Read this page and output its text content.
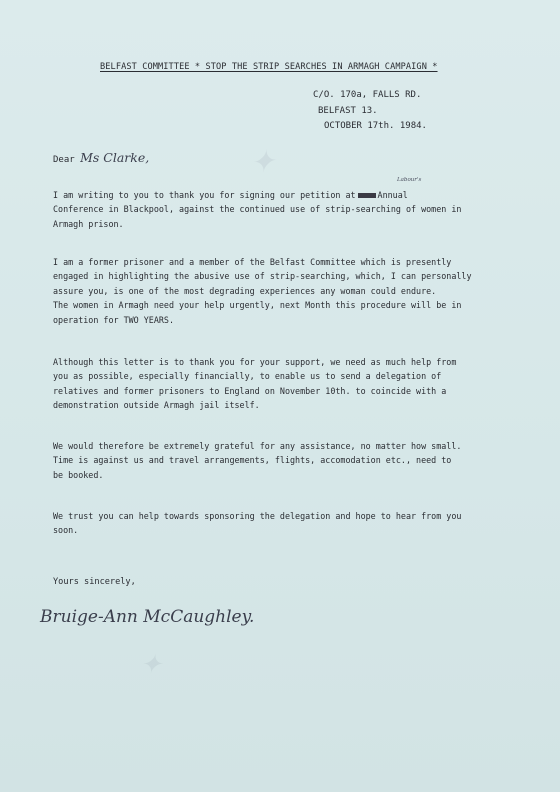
✦
✦
BELFAST COMMITTEE * STOP THE STRIP SEARCHES IN ARMAGH CAMPAIGN *
C/O. 170a, FALLS RD.
BELFAST 13.
OCTOBER 17th. 1984.
Dear Ms Clarke,
Labour's
I am writing to you to thank you for signing our petition at	Annual
Conference in Blackpool, against the continued use of strip-searching of women in
Armagh prison.
I am a former prisoner and a member of the Belfast Committee which is presently
engaged in highlighting the abusive use of strip-searching, which, I can personally
assure you, is one of the most degrading experiences any woman could endure.
The women in Armagh need your help urgently, next Month this procedure will be in
operation for TWO YEARS.
Although this letter is to thank you for your support, we need as much help from
you as possible, especially financially, to enable us to send a delegation of
relatives and former prisoners to England on November 10th. to coincide with a
demonstration outside Armagh jail itself.
We would therefore be extremely grateful for any assistance, no matter how small.
Time is against us and travel arrangements, flights, accomodation etc., need to
be booked.
We trust you can help towards sponsoring the delegation and hope to hear from you
soon.
Yours sincerely,
Bruige-Ann McCaughley.
